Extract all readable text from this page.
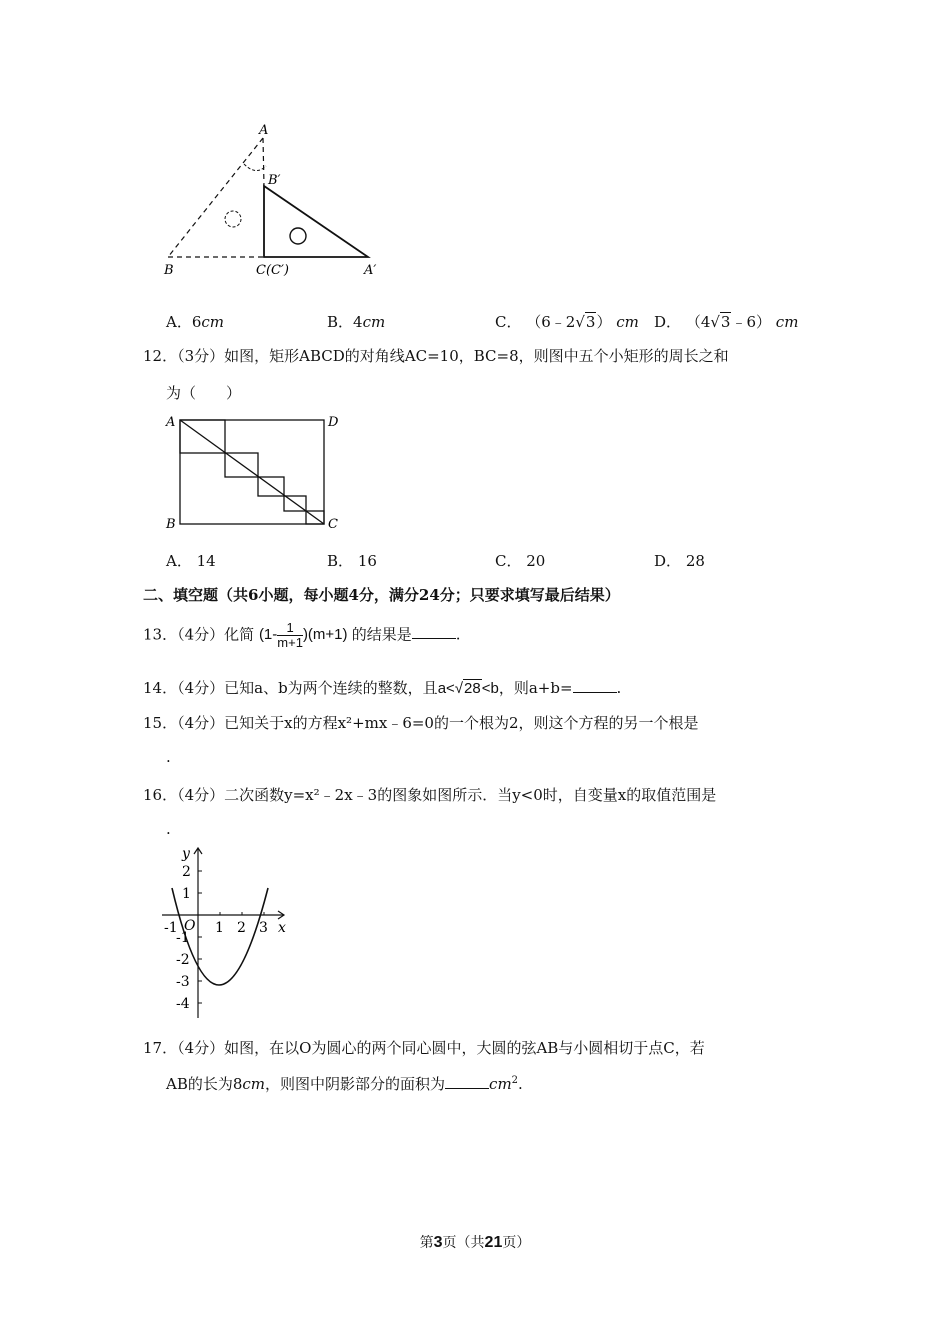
A
B′
B	C(C′)	A′
A．6cm	B．4cm	C． （6﹣2√3） cm D． （4√3﹣6） cm
12．（3分）如图，矩形ABCD的对角线AC=10，BC=8，则图中五个小矩形的周长之和
为（　　）
A	D
B	C
A． 14	B． 16	C． 20	D． 28
二、填空题（共6小题，每小题4分，满分24分；只要求填写最后结果）
13．（4分）化简 $(1- \frac{1}{m+1} )(m+1)$ 的结果是	.
14．（4分）已知a、b为两个连续的整数，且a<√28<b，则a+b=	.
15．（4分）已知关于x的方程x²+mx﹣6=0的一个根为2，则这个方程的另一个根是
.
16．（4分）二次函数y=x²﹣2x﹣3的图象如图所示．当y<0时，自变量x的取值范围是
.
y
x
O
-1	1 2 3
2
1
-1
-2
-3
-4
17．（4分）如图，在以O为圆心的两个同心圆中，大圆的弦AB与小圆相切于点C，若
AB的长为8cm，则图中阴影部分的面积为	$cm^2$.
第3页（共21页）
